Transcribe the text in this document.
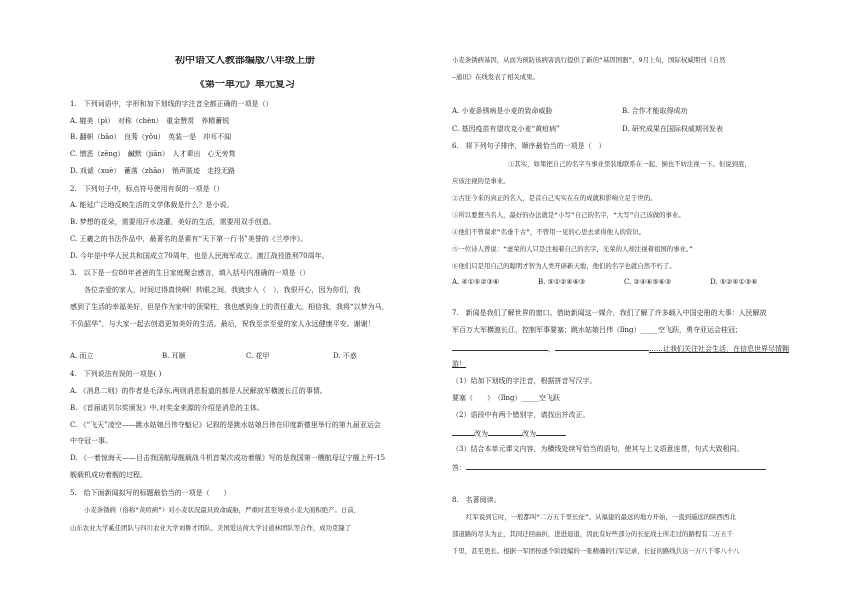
初中语文人教部编版八年级上册
《第一单元》单元复习
1.　下列词语中，字形和加下划线的字注音全都正确的一项是（）
A. 媲美（pì）　对称（chèn）　重金赞赏　养精蓄锐
B. 翻帜（bāo）　良莠（yǒu）　英装一是　冲耳不闻
C. 憎恶（zēng）　鹹默（jiān）　人才辈出　心无旁骛
D. 戏谑（xuè）　蓄落（zhāo）　销声匿迹　走投无路
2.　下列句子中，标点符号使用有误的一项是（）
A. 能延广泛地反映生活的文学体裁是什么？是小说。
B. 梦想的花朵，需要用汗水浇灌，美好的生活，需要用双手创造。
C. 王羲之的书法作品中，最著名的是素有“天下第一行书”美誉的《兰亭序》。
D. 今年是中华人民共和国成立70周年，也是人民海军成立、渡江战役胜利70周年。
3.　以下是一位80年爸爸的生日家庭聚会感言，填入括号内准确的一项是（）
各位亲爱的家人，时间过得真快啊！转眼之间，我就步入（　），我很开心，因为你们，我
感到了生活的幸福美好，但是作为家中的顶梁柱，我也感到身上的责任重大。相信我，我将“以梦为马，
不负韶华”，与大家一起去创造更加美好的生活。最后，祝我至亲至爱的家人永远健康平安。谢谢！
A. 而立	B. 耳顺	C. 花甲	D. 不惑
4.　下列说法有误的一项是( )
A. 《消息二则》的作者是毛泽东,两则消息报道的都是人民解放军横渡长江的事情。
B. 《首届诺贝尔奖颁发》中,对奖金来源的介绍是消息的主体。
C. 《“飞天”凌空——跳水姑娘吕伟夺魁记》记叙的是跳水姑娘吕伟在印度新德里举行的第九届亚运会
中夺冠一事。
D. 《一着惊海天——目击我国航母舰载战斗机首架次成功着舰》写的是我国第一艘航母辽宁舰上歼-15
舰载机成功着舰的过程。
5.　给下面新闻拟写的标题最恰当的一项是（　　）
小麦条锈病（俗称“黄疸病”）对小麦状况最具致命威胁，严重时甚至导致小麦大面积绝产。日前，
山东农业大学奚佳团队与四川农业大学刘鲁才团队、美国爱达荷大学讨道林团队等合作，成功克隆了
小麦条锈病基因，从而为预防该病害流行提供了新的“基因国器”，9月上旬，国际权威期刊《自然
—通讯》在线发表了相关成果。
A. 小麦条锈病是小麦的致命威胁	B. 合作才能取得成功
C. 基因疫苗有望攻克小麦“黄疸病”	D. 研究成果在国际权威期刊发表
6.　将下列句子排序，顺序最恰当的一项是（　）
①其实，如果把自己的名字当事业里装地联系在一起，倒也不妨注视一下。但说到底，
应该注视的是事业。
②古往今来的真正的名人，是首自己实实在在的成就和影响立足于世的。
③所以要想当名人，最好的办法就是“小写”自己的名字，“大写”自己该做的事业。
④他们不曾谋求“名垂千古”，不曾用一见的心思去求得他人的资识。
⑤一位诗人曾说：“虚荣的人只是注视着自己的名字，光荣的人却注视着祖国的事业。”
⑥他们只是用自己的聪明才智为人类开辟新天地，他们的名字也就自然不朽了。
A. ④①⑤②③⑥	B. ⑤①②④⑥③	C. ②④⑥⑤⑥③	D. ⑤②④①③⑥
7.　新闻是我们了解世界的窗口。借助新闻这一媒介，我们了解了许多载入中国史册的大事：人民解放
军百万大军横渡长江，控制军事要塞；跳水姑娘吕伟（lǐng）_____空飞跃，勇夺亚运会桂冠；
，	……让我们关注社会生活，在信息世界尽情翱
游！
（1）给加下划线的字注音，根据拼音写汉字。
要塞（　　）　（lǐng）_____空飞跃
（2）语段中有两个错别字，请找出并改正。
改为	改为
（3）结合本单元课文内容，为横线处续写恰当的语句，使其与上文语意连贯，句式大致相同。
答：
8.　名著阅读。
红军说到它时，一般都叫“二万五千里长征”。从福建的最远的地方开始，一直到遥远的陕西西北
部道路的尽头为止，其间迂回曲折，进进退退，因此有好些部分的长征战士所走过的路程有二万五千
千里，甚至更长。根据一军团按逐个阶段编的一张精确的行军记录，长征的路线共达一万八千零八十八
